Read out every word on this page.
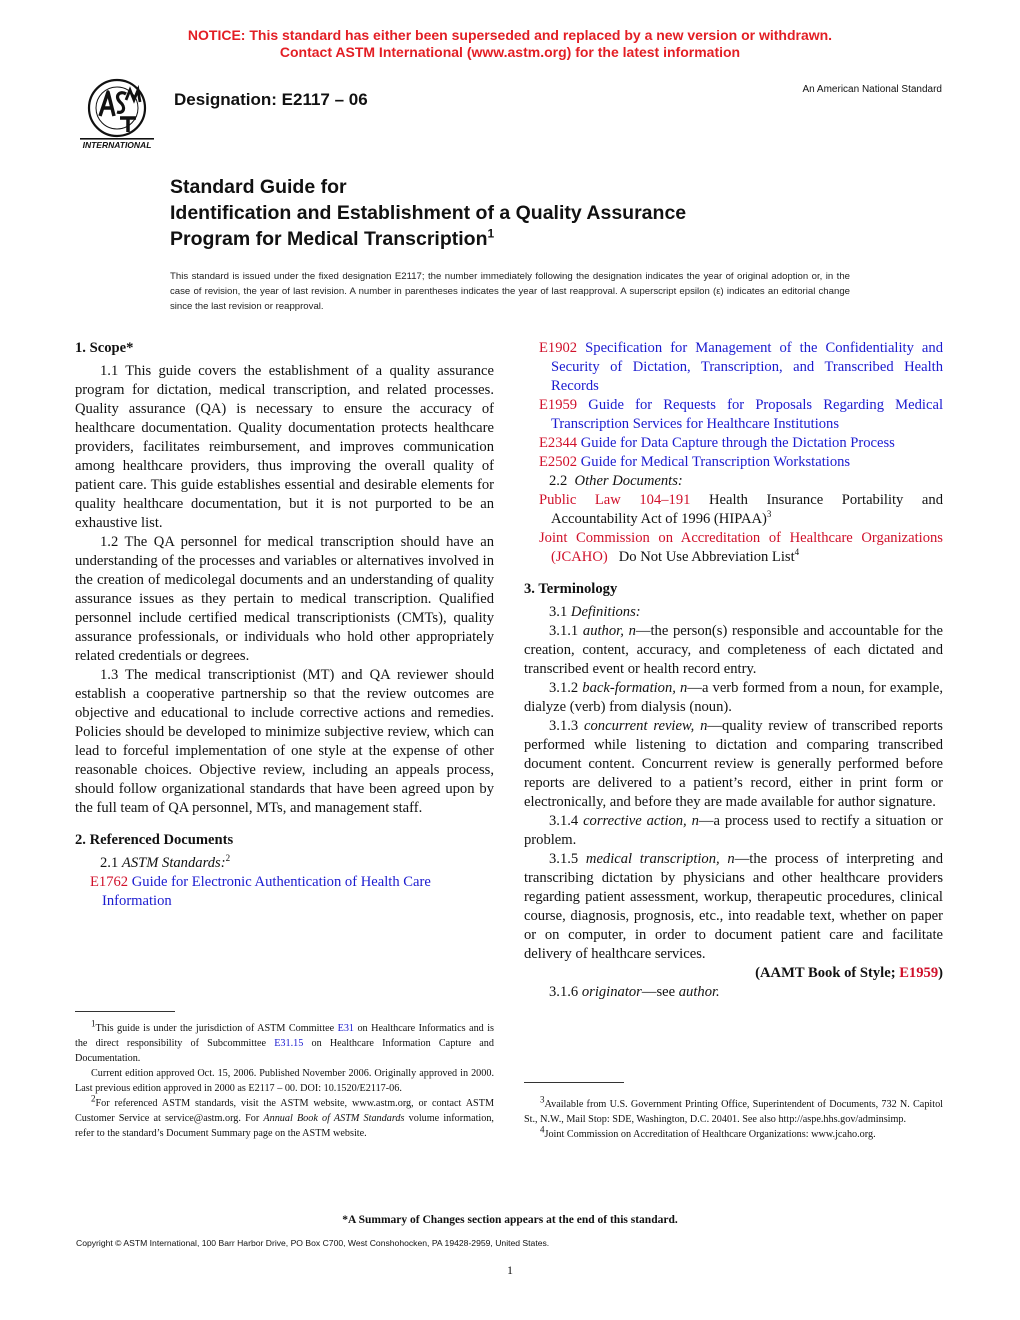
NOTICE: This standard has either been superseded and replaced by a new version or withdrawn.
Contact ASTM International (www.astm.org) for the latest information
INTERNATIONAL
Designation: E2117 – 06
An American National Standard
Standard Guide for
Identification and Establishment of a Quality Assurance
Program for Medical Transcription$^1$
This standard is issued under the fixed designation E2117; the number immediately following the designation indicates the year of original adoption or, in the case of revision, the year of last revision. A number in parentheses indicates the year of last reapproval. A superscript epsilon (ε) indicates an editorial change since the last revision or reapproval.
1. Scope*

1.1 This guide covers the establishment of a quality assurance program for dictation, medical transcription, and related processes. Quality assurance (QA) is necessary to ensure the accuracy of healthcare documentation. Quality documentation protects healthcare providers, facilitates reimbursement, and improves communication among healthcare providers, thus improving the overall quality of patient care. This guide establishes essential and desirable elements for quality healthcare documentation, but it is not purported to be an exhaustive list.

1.2 The QA personnel for medical transcription should have an understanding of the processes and variables or alternatives involved in the creation of medicolegal documents and an understanding of quality assurance issues as they pertain to medical transcription. Qualified personnel include certified medical transcriptionists (CMTs), quality assurance professionals, or individuals who hold other appropriately related credentials or degrees.

1.3 The medical transcriptionist (MT) and QA reviewer should establish a cooperative partnership so that the review outcomes are objective and educational to include corrective actions and remedies. Policies should be developed to minimize subjective review, which can lead to forceful implementation of one style at the expense of other reasonable choices. Objective review, including an appeals process, should follow organizational standards that have been agreed upon by the full team of QA personnel, MTs, and management staff.

2. Referenced Documents

2.1 ASTM Standards:$^2$

E1762 Guide for Electronic Authentication of Health Care Information

$^1$This guide is under the jurisdiction of ASTM Committee E31 on Healthcare Informatics and is the direct responsibility of Subcommittee E31.15 on Healthcare Information Capture and Documentation.

Current edition approved Oct. 15, 2006. Published November 2006. Originally approved in 2000. Last previous edition approved in 2000 as E2117 – 00. DOI: 10.1520/E2117-06.

$^2$For referenced ASTM standards, visit the ASTM website, www.astm.org, or contact ASTM Customer Service at service@astm.org. For Annual Book of ASTM Standards volume information, refer to the standard’s Document Summary page on the ASTM website.

E1902 Specification for Management of the Confidentiality and Security of Dictation, Transcription, and Transcribed Health Records

E1959 Guide for Requests for Proposals Regarding Medical Transcription Services for Healthcare Institutions

E2344 Guide for Data Capture through the Dictation Process

E2502 Guide for Medical Transcription Workstations

2.2 Other Documents:

Public Law 104–191 Health Insurance Portability and Accountability Act of 1996 (HIPAA)$^3$

Joint Commission on Accreditation of Healthcare Organizations (JCAHO) Do Not Use Abbreviation List$^4$

3. Terminology

3.1 Definitions:

3.1.1 author, n—the person(s) responsible and accountable for the creation, content, accuracy, and completeness of each dictated and transcribed event or health record entry.

3.1.2 back-formation, n—a verb formed from a noun, for example, dialyze (verb) from dialysis (noun).

3.1.3 concurrent review, n—quality review of transcribed reports performed while listening to dictation and comparing transcribed document content. Concurrent review is generally performed before reports are delivered to a patient’s record, either in print form or electronically, and before they are made available for author signature.

3.1.4 corrective action, n—a process used to rectify a situation or problem.

3.1.5 medical transcription, n—the process of interpreting and transcribing dictation by physicians and other healthcare providers regarding patient assessment, workup, therapeutic procedures, clinical course, diagnosis, prognosis, etc., into readable text, whether on paper or on computer, in order to document patient care and facilitate delivery of healthcare services.

(AAMT Book of Style; E1959)

3.1.6 originator—see author.

$^3$Available from U.S. Government Printing Office, Superintendent of Documents, 732 N. Capitol St., N.W., Mail Stop: SDE, Washington, D.C. 20401. See also http://aspe.hhs.gov/adminsimp.

$^4$Joint Commission on Accreditation of Healthcare Organizations: www.jcaho.org.

*A Summary of Changes section appears at the end of this standard.
Copyright © ASTM International, 100 Barr Harbor Drive, PO Box C700, West Conshohocken, PA 19428-2959, United States.
1
